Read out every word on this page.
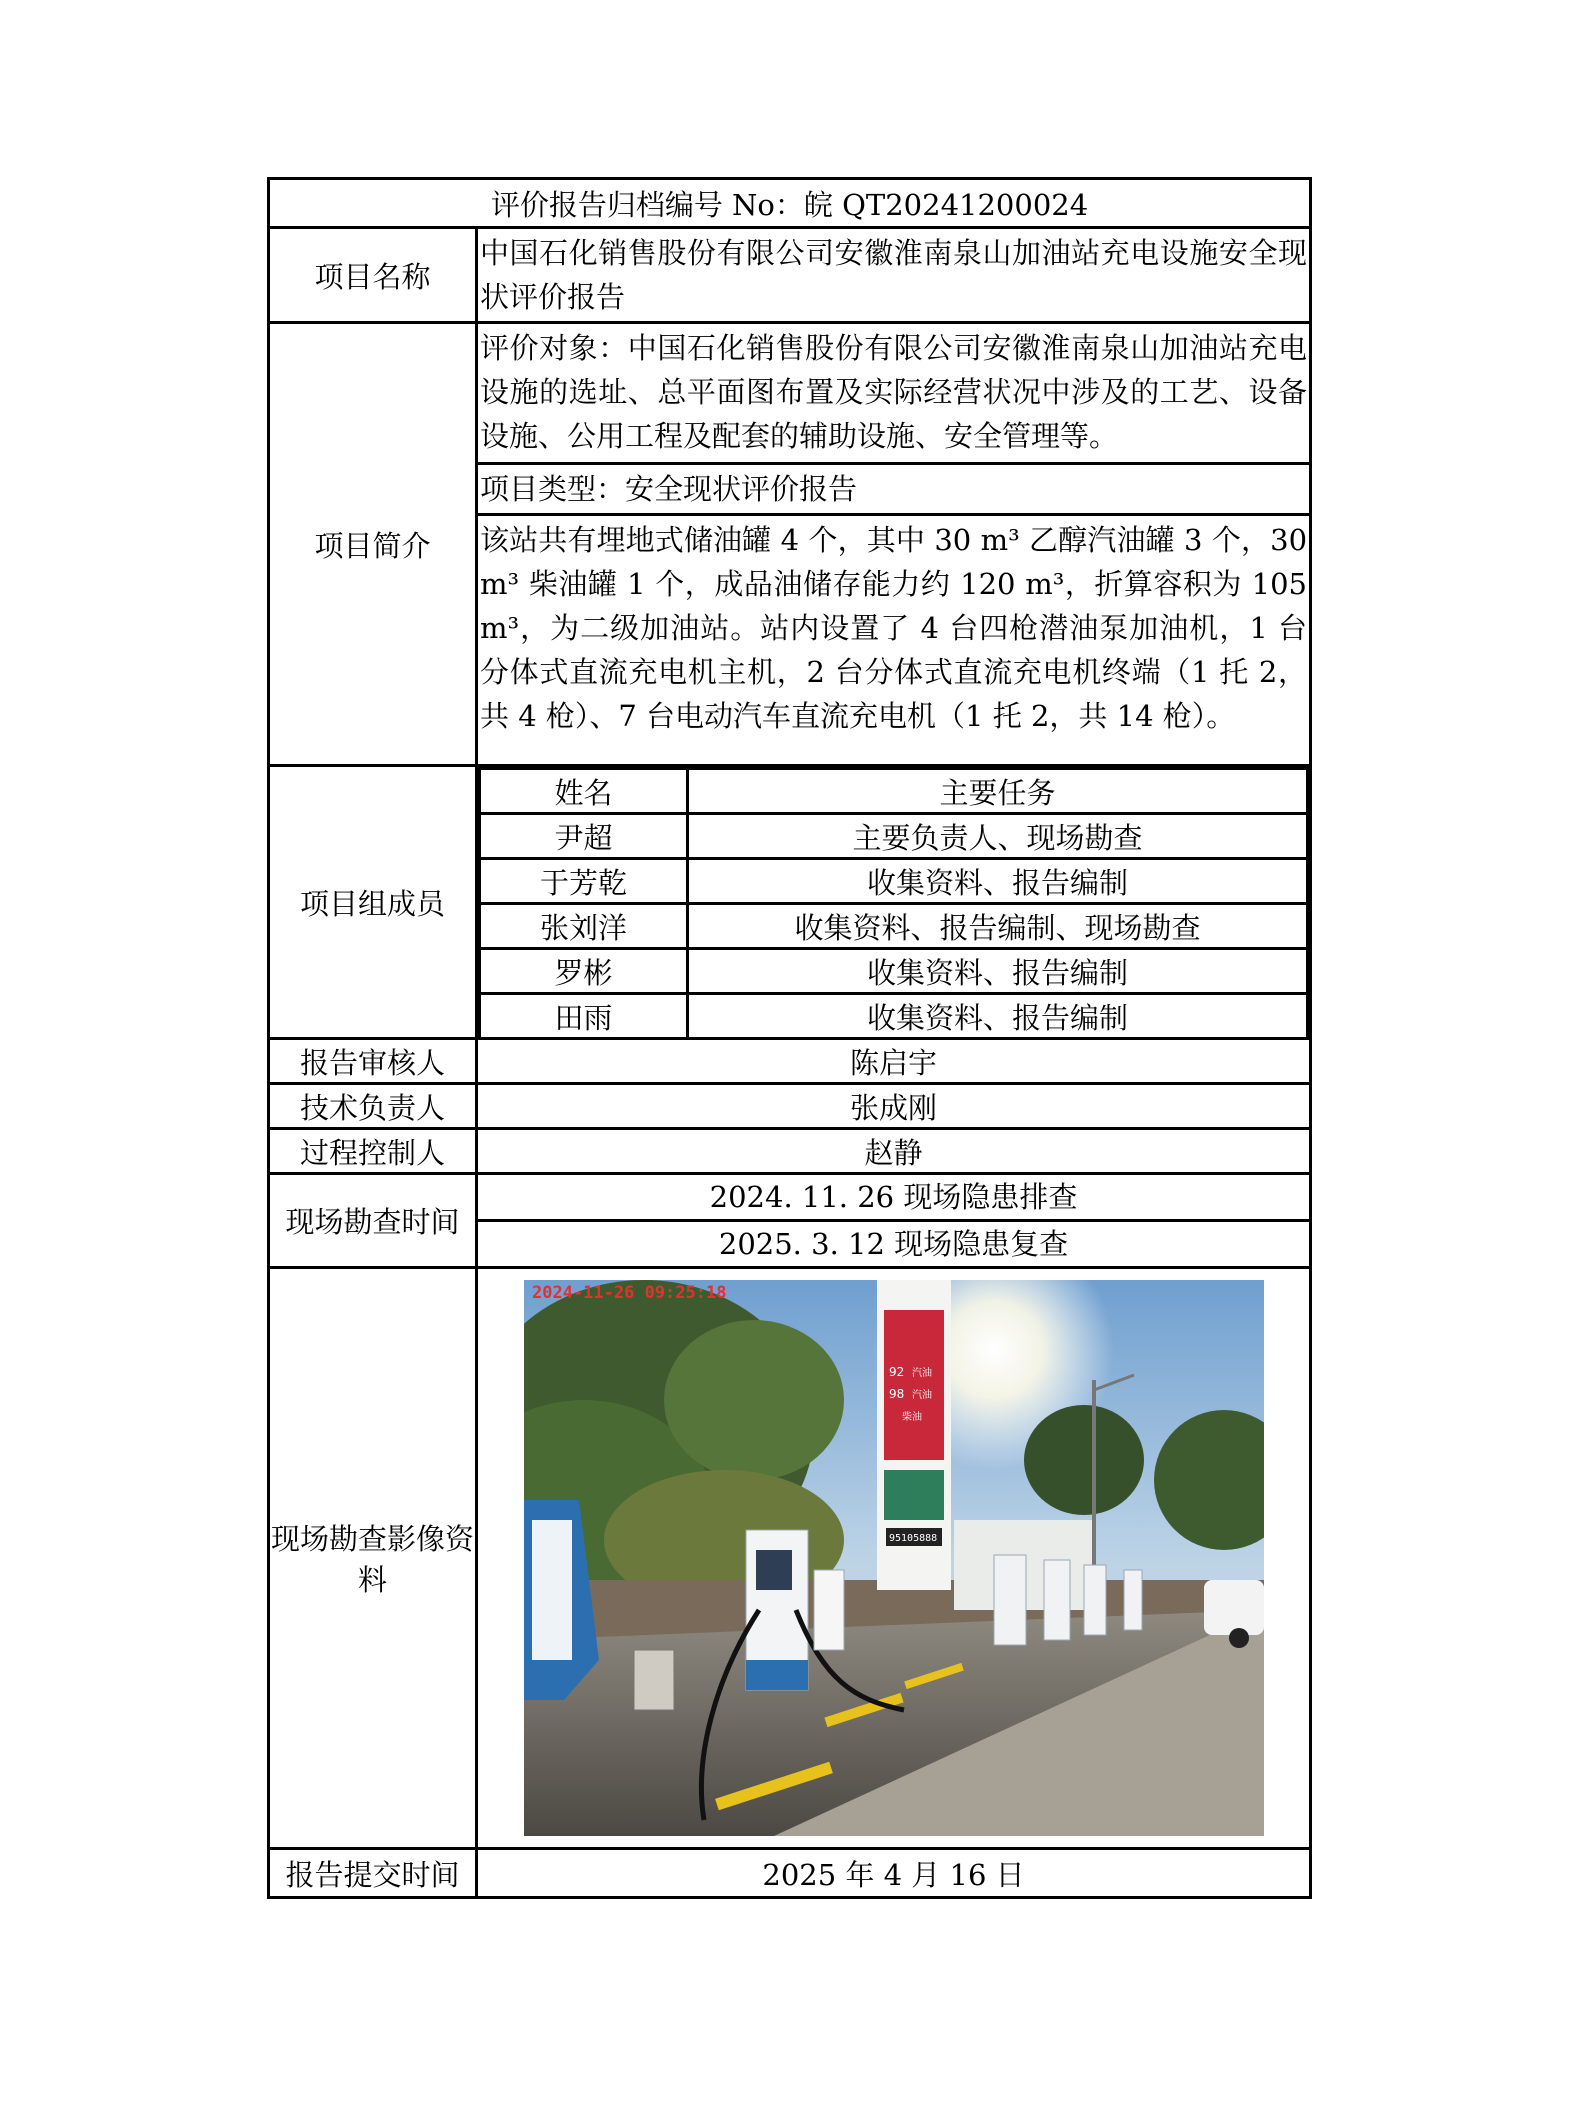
评价报告归档编号 No：皖 QT20241200024
项目名称	中国石化销售股份有限公司安徽淮南泉山加油站充电设施安全现状评价报告
项目简介	
评价对象：中国石化销售股份有限公司安徽淮南泉山加油站充电设施的选址、总平面图布置及实际经营状况中涉及的工艺、设备设施、公用工程及配套的辅助设施、安全管理等。
项目类型：安全现状评价报告
该站共有埋地式储油罐 4 个，其中 30 m³ 乙醇汽油罐 3 个，30 m³ 柴油罐 1 个，成品油储存能力约 120 m³，折算容积为 105 m³，为二级加油站。站内设置了 4 台四枪潜油泵加油机，1 台分体式直流充电机主机，2 台分体式直流充电机终端（1 托 2，共 4 枪）、7 台电动汽车直流充电机（1 托 2，共 14 枪）。

项目组成员	
姓名	主要任务
尹超	主要负责人、现场勘查
于芳乾	收集资料、报告编制
张刘洋	收集资料、报告编制、现场勘查
罗彬	收集资料、报告编制
田雨	收集资料、报告编制

报告审核人	陈启宇
技术负责人	张成刚
过程控制人	赵静
现场勘查时间	
2024. 11. 26 现场隐患排查
2025. 3. 12 现场隐患复查

现场勘查影像资料	
92 汽油
98 汽油
柴油
95105888
2024-11-26 09:25:18

报告提交时间	2025 年 4 月 16 日
